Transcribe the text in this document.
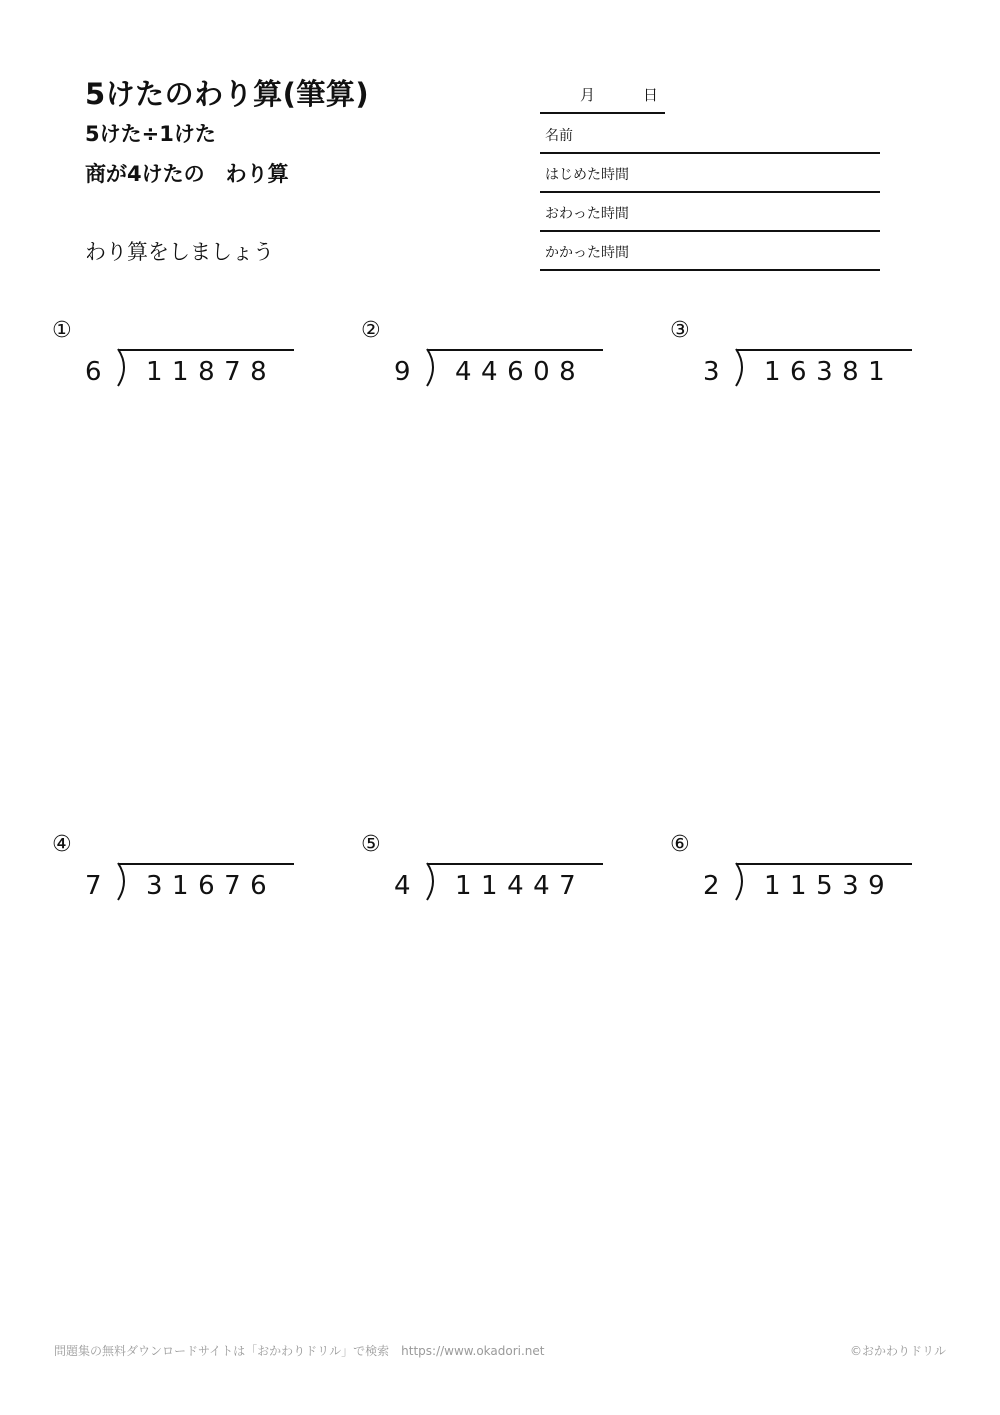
5けたのわり算(筆算)
5けた÷1けた
商が4けたの　わり算
わり算をしましょう
月	日
名前
はじめた時間
おわった時間
かかった時間
①
6 11878
②
9 44608
③
3 16381
④
7 31676
⑤
4 11447
⑥
2 11539
問題集の無料ダウンロードサイトは「おかわりドリル」で検索　https://www.okadori.net	©おかわりドリル
